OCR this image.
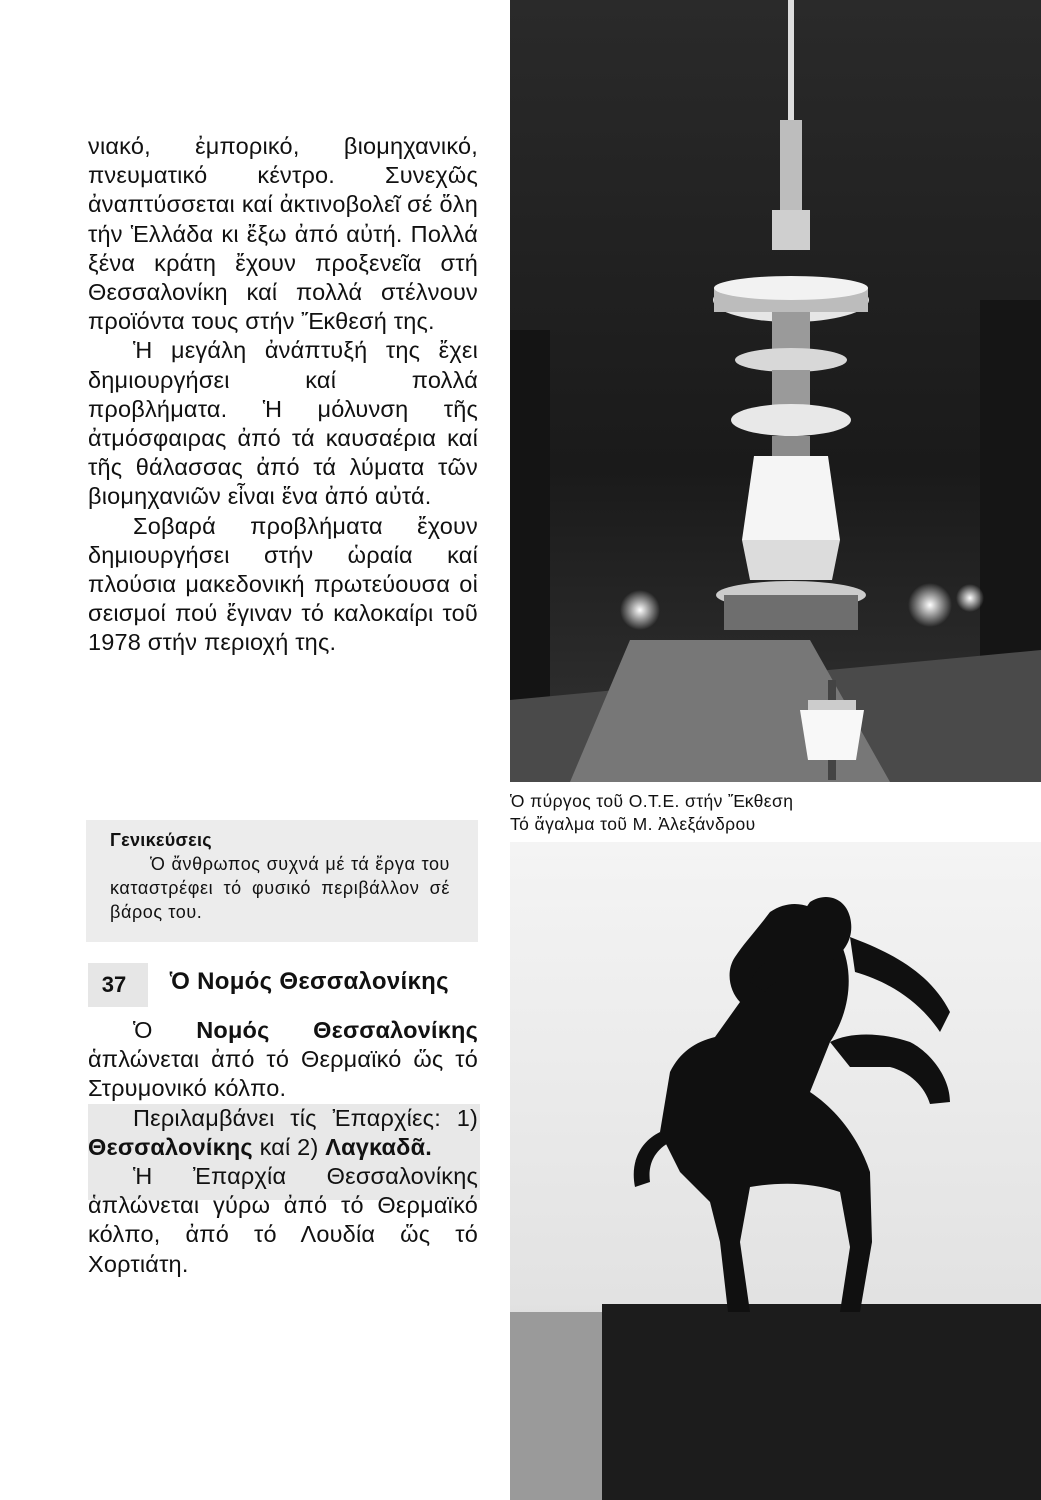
νιακό, ἐμπορικό, βιομηχανικό, πνευματικό κέντρο. Συνεχῶς ἀναπτύσσεται καί ἀκτινοβολεῖ σέ ὅλη τήν Ἑλλάδα κι ἔξω ἀπό αὐτή. Πολλά ξένα κράτη ἔχουν προξενεῖα στή Θεσσαλονίκη καί πολλά στέλνουν προϊόντα τους στήν Ἔκθεσή της.

Ἡ μεγάλη ἀνάπτυξή της ἔχει δημιουργήσει καί πολλά προβλήματα. Ἡ μόλυνση τῆς ἀτμόσφαιρας ἀπό τά καυσαέρια καί τῆς θάλασσας ἀπό τά λύματα τῶν βιομηχανιῶν εἶναι ἕνα ἀπό αὐτά.

Σοβαρά προβλήματα ἔχουν δημιουργήσει στήν ὡραία καί πλούσια μακεδονική πρωτεύουσα οἱ σεισμοί πού ἔγιναν τό καλοκαίρι τοῦ 1978 στήν περιοχή της.

Γενικεύσεις
Ὁ ἄνθρωπος συχνά μέ τά ἔργα του καταστρέφει τό φυσικό περιβάλλον σέ βάρος του.
37	Ὁ Νομός Θεσσαλονίκης

Ὁ Νομός Θεσσαλονίκης ἁπλώνεται ἀπό τό Θερμαϊκό ὥς τό Στρυμονικό κόλπο.

Περιλαμβάνει τίς Ἐπαρχίες: 1) Θεσσαλονίκης καί 2) Λαγκαδᾶ.

Ἡ Ἐπαρχία Θεσσαλονίκης ἁπλώνεται γύρω ἀπό τό Θερμαϊκό κόλπο, ἀπό τό Λουδία ὥς τό Χορτιάτη.

Ὁ πύργος τοῦ Ο.Τ.Ε. στήν Ἔκθεση
Τό ἄγαλμα τοῦ Μ. Ἀλεξάνδρου
